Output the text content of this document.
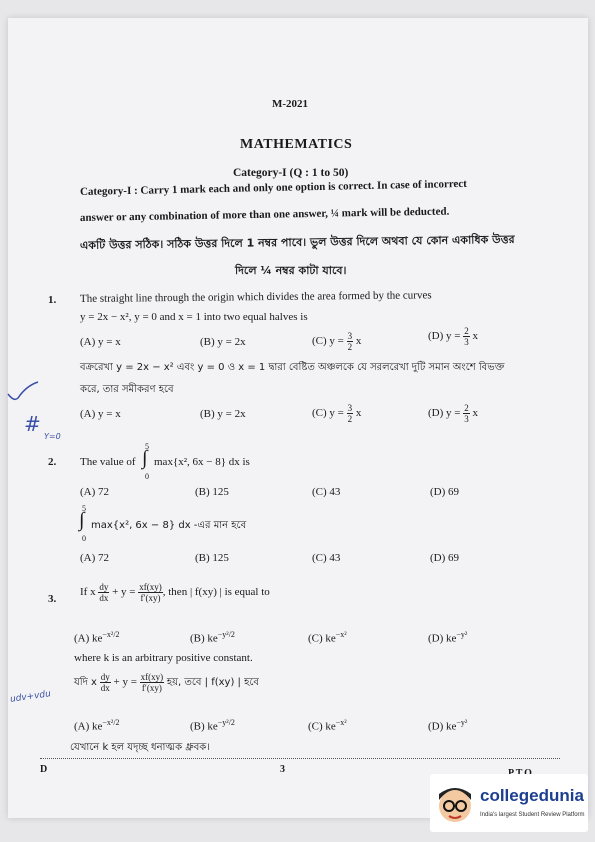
M-2021
MATHEMATICS
Category-I (Q : 1 to 50)
Category-I : Carry 1 mark each and only one option is correct. In case of incorrect
answer or any combination of more than one answer, ¼ mark will be deducted.
একটি উত্তর সঠিক। সঠিক উত্তর দিলে 1 নম্বর পাবে। ভুল উত্তর দিলে অথবা যে কোন একাধিক উত্তর
দিলে ¼ নম্বর কাটা যাবে।
1. The straight line through the origin which divides the area formed by the curves
y = 2x − x², y = 0 and x = 1 into two equal halves is
(A) y = x	(B) y = 2x	(C) $y = \frac{3}{2}$ x	(D) $y = \frac{2}{3}$ x
বক্ররেখা y = 2x − x² এবং y = 0 ও x = 1 দ্বারা বেষ্টিত অঞ্চলকে যে সরলরেখা দুটি সমান অংশে বিভক্ত
করে, তার সমীকরণ হবে
(A) y = x	(B) y = 2x	(C) $y = \frac{3}{2}$ x	(D) $y = \frac{2}{3}$ x
#
Y=0
2. The value of
5
∫
0
max{x², 6x − 8} dx is
(A) 72	(B) 125	(C) 43	(D) 69
5
∫
0
max{x², 6x − 8} dx -এর মান হবে
(A) 72	(B) 125	(C) 43	(D) 69
3.
If x $\frac{dy}{dx} + y = \frac{xf(xy)}{f'(xy)}$ , then | f(xy) | is equal to
(A) $ke^{-x^2/2}$	(B) $ke^{-y^2/2}$	(C) $ke^{-x^2}$	(D) $ke^{-y^2}$
where k is an arbitrary positive constant.
যদি x $\frac{dy}{dx} + y = \frac{xf(xy)}{f'(xy)}$ হয়, তবে | f(xy) | হবে
udv+vdu
(A) $ke^{-x^2/2}$	(B) $ke^{-y^2/2}$	(C) $ke^{-x^2}$	(D) $ke^{-y^2}$
যেখানে k হল যদৃচ্ছ ধনাত্মক ধ্রুবক।
D	3
collegedunia
India's largest Student Review Platform
